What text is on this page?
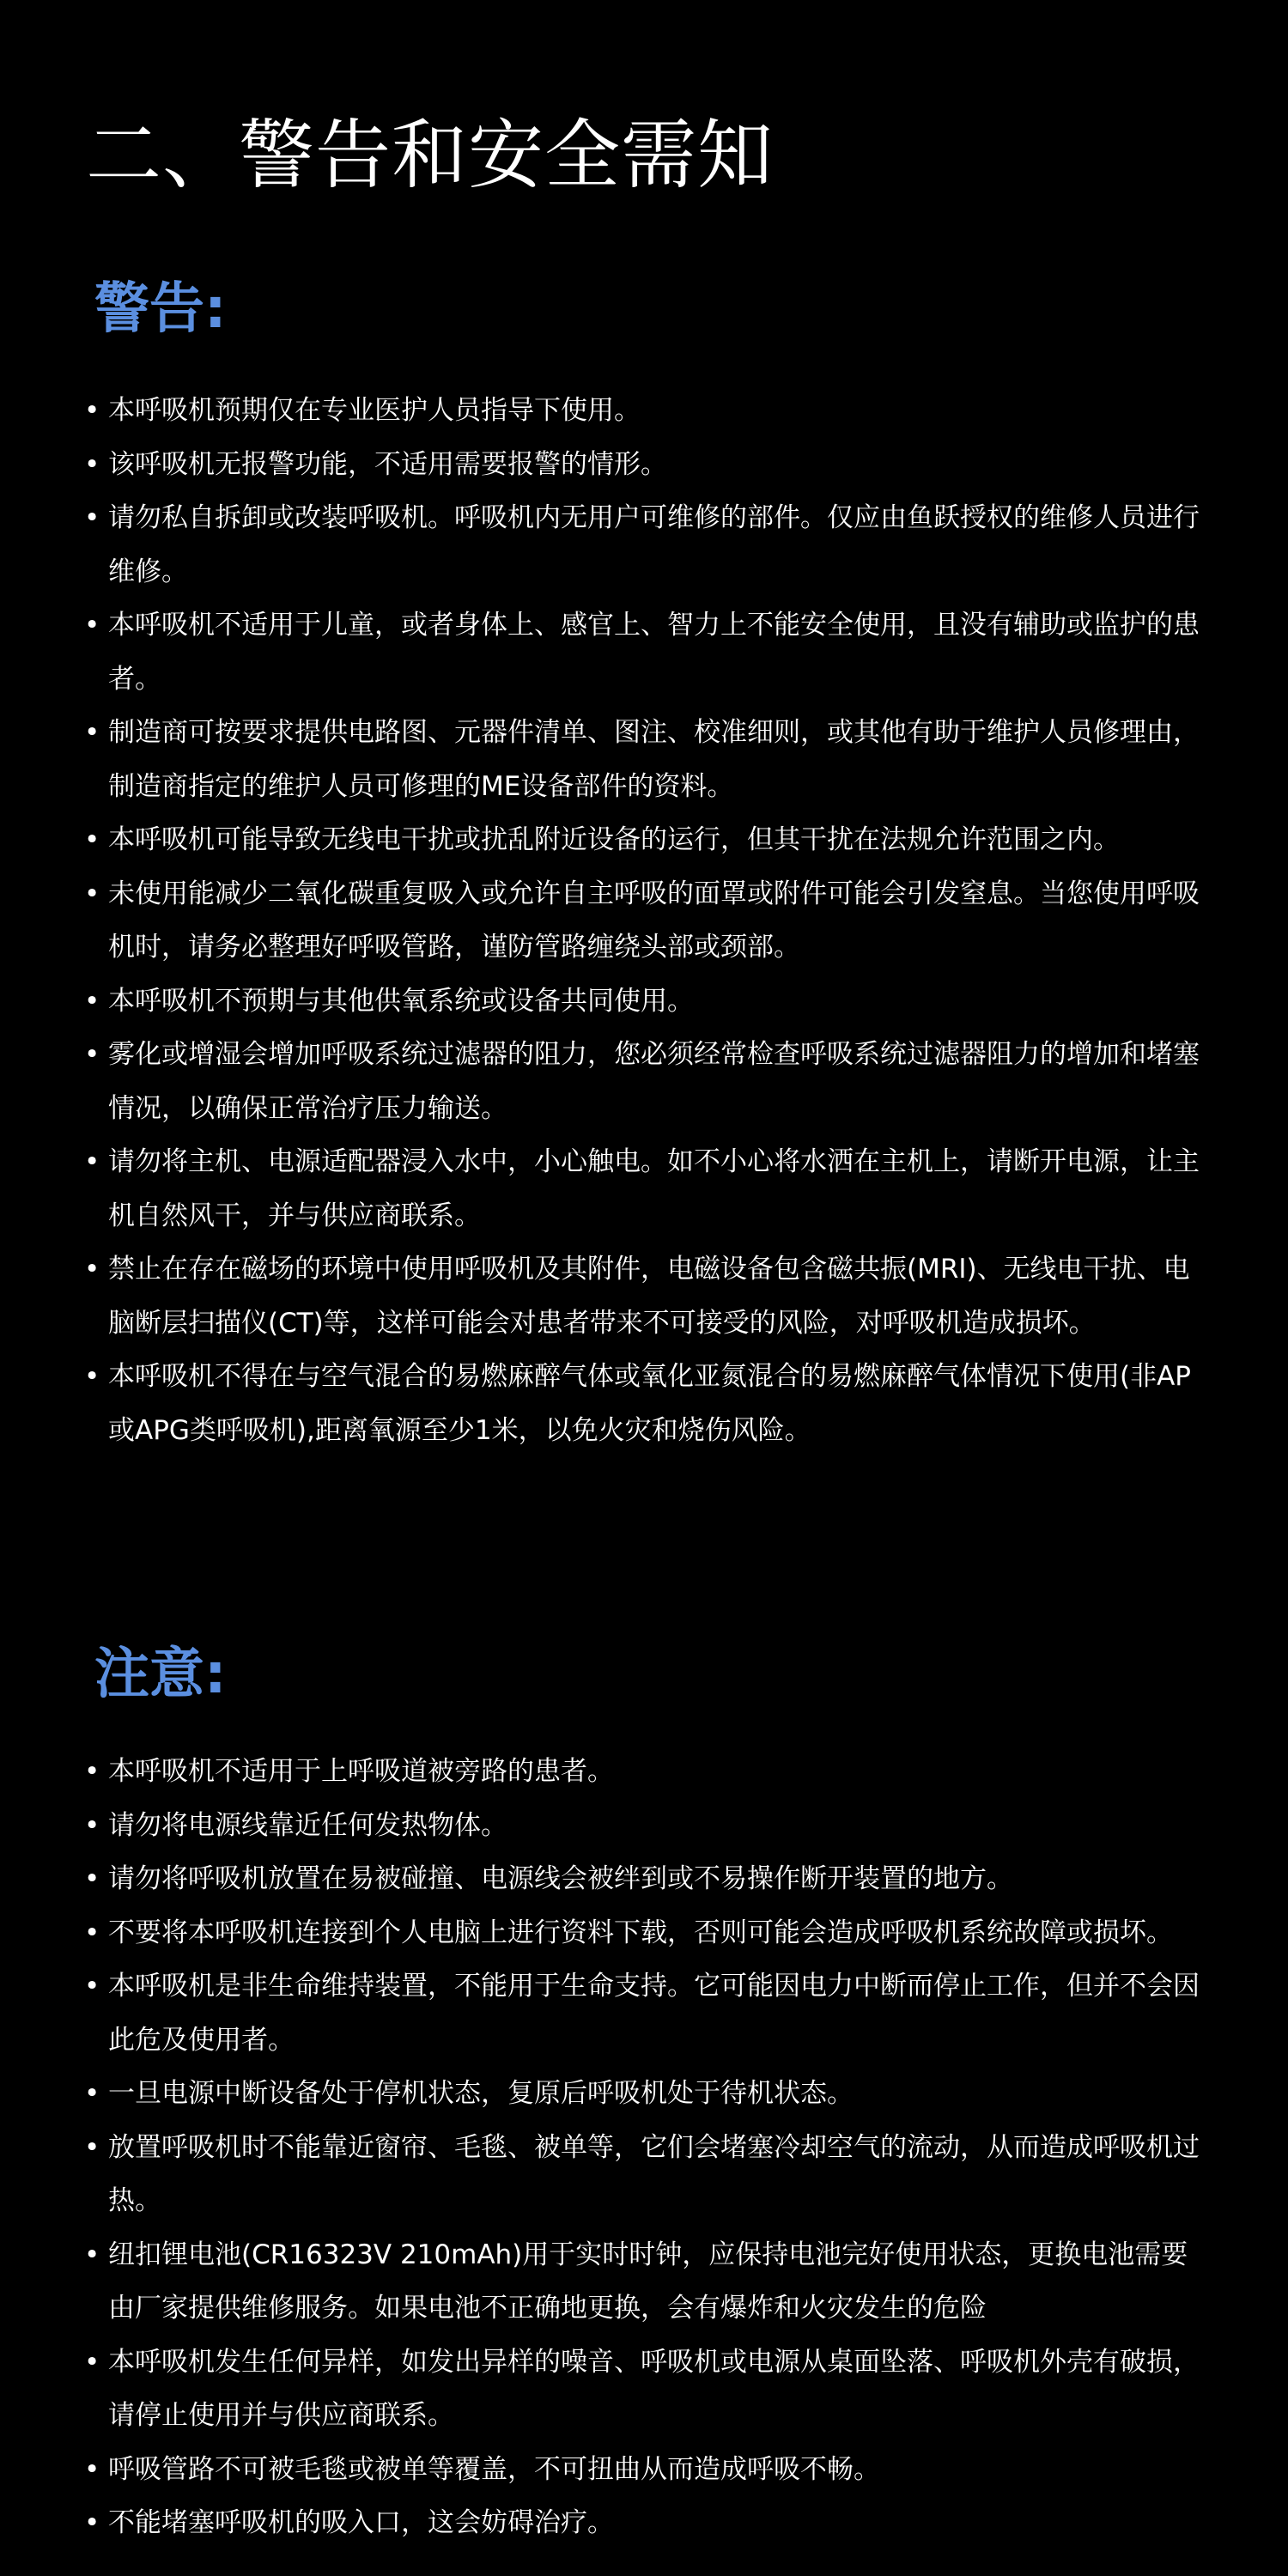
二、警告和安全需知
警告:
• 本呼吸机预期仅在专业医护人员指导下使用。
• 该呼吸机无报警功能，不适用需要报警的情形。
• 请勿私自拆卸或改装呼吸机。呼吸机内无用户可维修的部件。仅应由鱼跃授权的维修人员进行维修。
• 本呼吸机不适用于儿童，或者身体上、感官上、智力上不能安全使用，且没有辅助或监护的患者。
• 制造商可按要求提供电路图、元器件清单、图注、校准细则，或其他有助于维护人员修理由，制造商指定的维护人员可修理的ME设备部件的资料。
• 本呼吸机可能导致无线电干扰或扰乱附近设备的运行，但其干扰在法规允许范围之内。
• 未使用能减少二氧化碳重复吸入或允许自主呼吸的面罩或附件可能会引发窒息。当您使用呼吸机时，请务必整理好呼吸管路，谨防管路缠绕头部或颈部。
• 本呼吸机不预期与其他供氧系统或设备共同使用。
• 雾化或增湿会增加呼吸系统过滤器的阻力，您必须经常检查呼吸系统过滤器阻力的增加和堵塞情况，以确保正常治疗压力输送。
• 请勿将主机、电源适配器浸入水中，小心触电。如不小心将水洒在主机上，请断开电源，让主机自然风干，并与供应商联系。
• 禁止在存在磁场的环境中使用呼吸机及其附件，电磁设备包含磁共振(MRI)、无线电干扰、电脑断层扫描仪(CT)等，这样可能会对患者带来不可接受的风险，对呼吸机造成损坏。
• 本呼吸机不得在与空气混合的易燃麻醉气体或氧化亚氮混合的易燃麻醉气体情况下使用(非AP或APG类呼吸机),距离氧源至少1米，以免火灾和烧伤风险。
注意:
• 本呼吸机不适用于上呼吸道被旁路的患者。
• 请勿将电源线靠近任何发热物体。
• 请勿将呼吸机放置在易被碰撞、电源线会被绊到或不易操作断开装置的地方。
• 不要将本呼吸机连接到个人电脑上进行资料下载，否则可能会造成呼吸机系统故障或损坏。
• 本呼吸机是非生命维持装置，不能用于生命支持。它可能因电力中断而停止工作，但并不会因此危及使用者。
• 一旦电源中断设备处于停机状态，复原后呼吸机处于待机状态。
• 放置呼吸机时不能靠近窗帘、毛毯、被单等，它们会堵塞冷却空气的流动，从而造成呼吸机过热。
• 纽扣锂电池(CR16323V 210mAh)用于实时时钟，应保持电池完好使用状态，更换电池需要由厂家提供维修服务。如果电池不正确地更换，会有爆炸和火灾发生的危险
• 本呼吸机发生任何异样，如发出异样的噪音、呼吸机或电源从桌面坠落、呼吸机外壳有破损，请停止使用并与供应商联系。
• 呼吸管路不可被毛毯或被单等覆盖，不可扭曲从而造成呼吸不畅。
• 不能堵塞呼吸机的吸入口，这会妨碍治疗。
